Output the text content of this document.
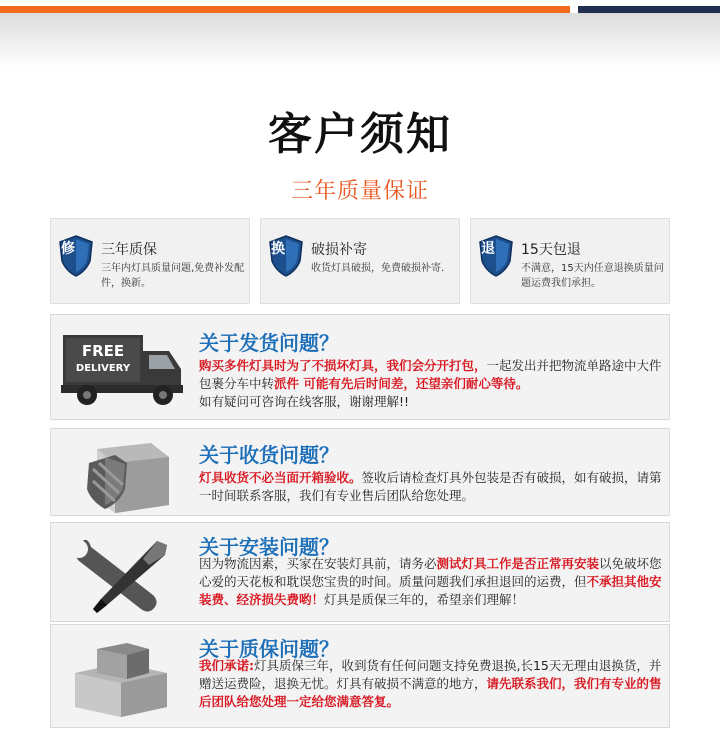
客户须知
三年质量保证
修 三年质保
三年内灯具质量问题,免费补发配件，换新。
换 破损补寄
收货灯具破损，免费破损补寄.
退 15天包退
不满意，15天内任意退换质量问题运费我们承担。
FREE
DELIVERY
关于发货问题？
购买多件灯具时为了不损坏灯具，我们会分开打包，一起发出并把物流单路途中大件包裹分车中转派件 可能有先后时间差，还望亲们耐心等待。
如有疑问可咨询在线客服，谢谢理解!!
关于收货问题？
灯具收货不必当面开箱验收。签收后请检查灯具外包装是否有破损，如有破损，请第一时间联系客服，我们有专业售后团队给您处理。
关于安装问题？
因为物流因素，买家在安装灯具前，请务必测试灯具工作是否正常再安装以免破坏您心爱的天花板和耽误您宝贵的时间。质量问题我们承担退回的运费，但不承担其他安装费、经济损失费哟！灯具是质保三年的，希望亲们理解！
关于质保问题？
我们承诺:灯具质保三年，收到货有任何问题支持免费退换,长15天无理由退换货，并赠送运费险，退换无忧。灯具有破损不满意的地方，请先联系我们，我们有专业的售后团队给您处理一定给您满意答复。
